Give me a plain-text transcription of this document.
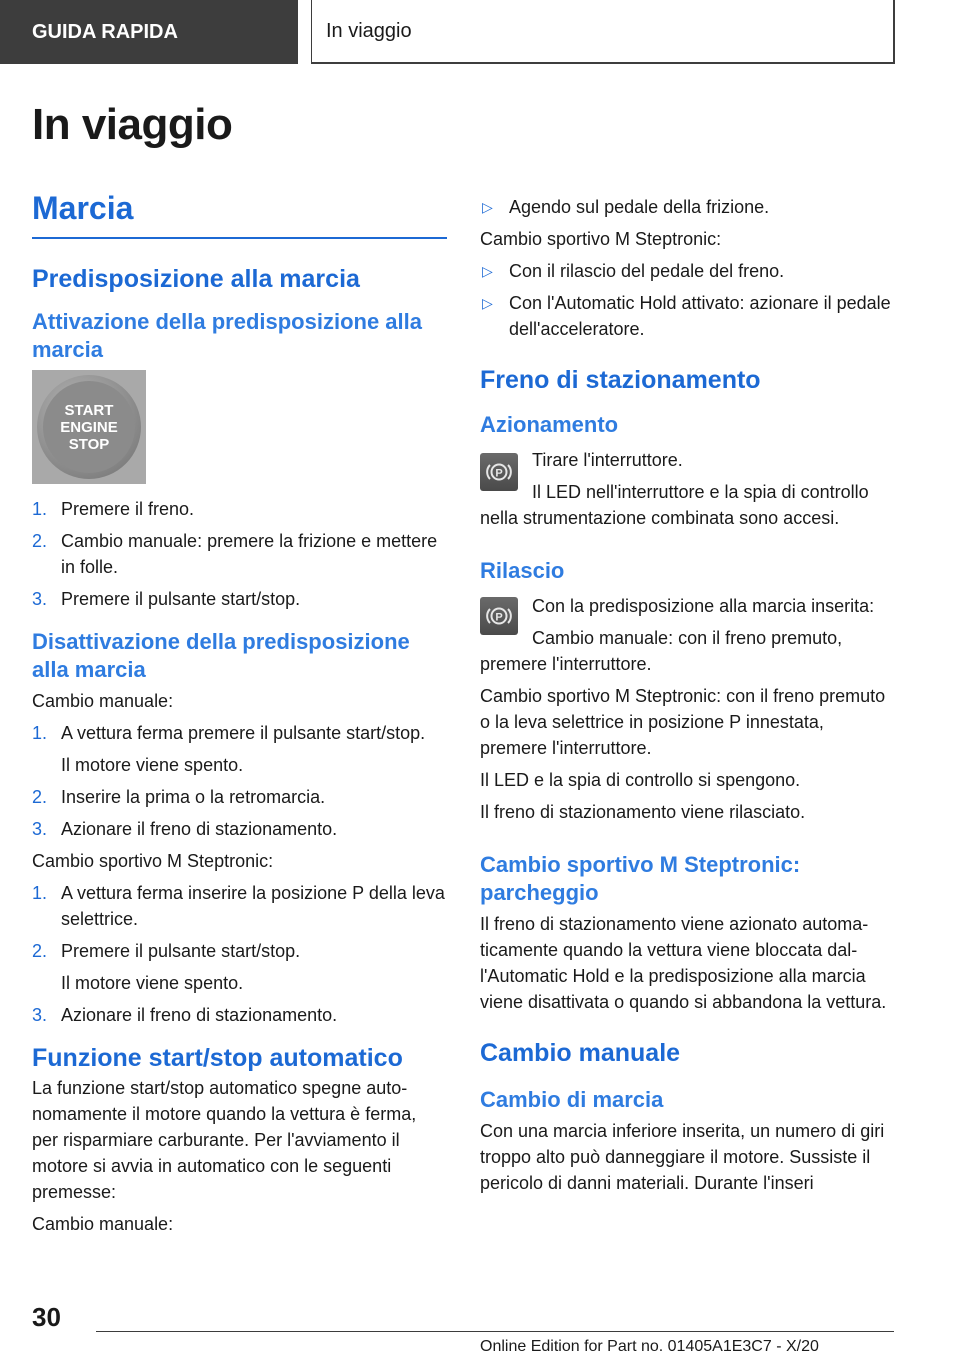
GUIDA RAPIDA	In viaggio
In viaggio
Marcia
Predisposizione alla marcia
Attivazione della predisposizione alla marcia
START
ENGINE
STOP
1. Premere il freno.
2. Cambio manuale: premere la frizione e mettere in folle.
3. Premere il pulsante start/stop.
Disattivazione della predisposizione alla marcia

Cambio manuale:

1. A vettura ferma premere il pulsante start/stop.

Il motore viene spento.

2. Inserire la prima o la retromarcia.
3. Azionare il freno di stazionamento.

Cambio sportivo M Steptronic:

1. A vettura ferma inserire la posizione P della leva selettrice.
2. Premere il pulsante start/stop.

Il motore viene spento.

3. Azionare il freno di stazionamento.
Funzione start/stop automatico

La funzione start/stop automatico spegne autonomamente il motore quando la vettura è ferma, per risparmiare carburante. Per l'avviamento il motore si avvia in automatico con le seguenti premesse:

Cambio manuale:

▷ Agendo sul pedale della frizione.

Cambio sportivo M Steptronic:

▷ Con il rilascio del pedale del freno.
▷ Con l'Automatic Hold attivato: azionare il pedale dell'acceleratore.
Freno di stazionamento
Azionamento
P

Tirare l'interruttore.

Il LED nell'interruttore e la spia di controllo nella strumentazione combinata sono accesi.

Rilascio
P

Con la predisposizione alla marcia inserita:

Cambio manuale: con il freno premuto, premere l'interruttore.

Cambio sportivo M Steptronic: con il freno premuto o la leva selettrice in posizione P innestata, premere l'interruttore.

Il LED e la spia di controllo si spengono.

Il freno di stazionamento viene rilasciato.

Cambio sportivo M Steptronic: parcheggio

Il freno di stazionamento viene azionato automaticamente quando la vettura viene bloccata dall'Automatic Hold e la predisposizione alla marcia viene disattivata o quando si abbandona la vettura.

Cambio manuale
Cambio di marcia

Con una marcia inferiore inserita, un numero di giri troppo alto può danneggiare il motore. Sussiste il pericolo di danni materiali. Durante l'inseri

30
Online Edition for Part no. 01405A1E3C7 - X/20
